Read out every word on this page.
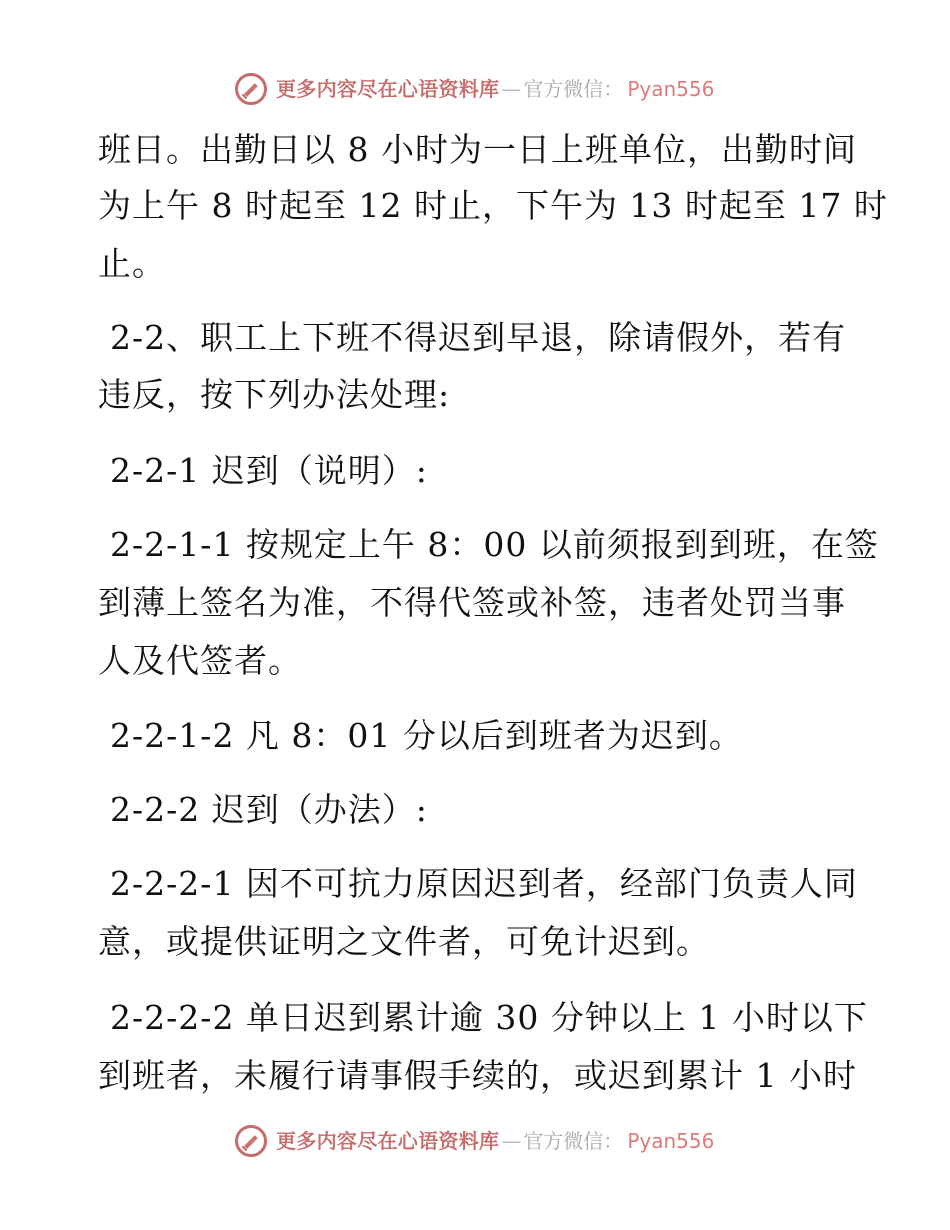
更多内容尽在心语资料库 — 官方微信： Pyan556
班日。出勤日以 8 小时为一日上班单位，出勤时间
为上午 8 时起至 12 时止，下午为 13 时起至 17 时
止。
2-2、职工上下班不得迟到早退，除请假外，若有
违反，按下列办法处理:
2-2-1 迟到（说明）:
2-2-1-1 按规定上午 8：00 以前须报到到班，在签
到薄上签名为准，不得代签或补签，违者处罚当事
人及代签者。
2-2-1-2 凡 8：01 分以后到班者为迟到。
2-2-2 迟到（办法）:
2-2-2-1 因不可抗力原因迟到者，经部门负责人同
意，或提供证明之文件者，可免计迟到。
2-2-2-2 单日迟到累计逾 30 分钟以上 1 小时以下
到班者，未履行请事假手续的，或迟到累计 1 小时
更多内容尽在心语资料库 — 官方微信： Pyan556
